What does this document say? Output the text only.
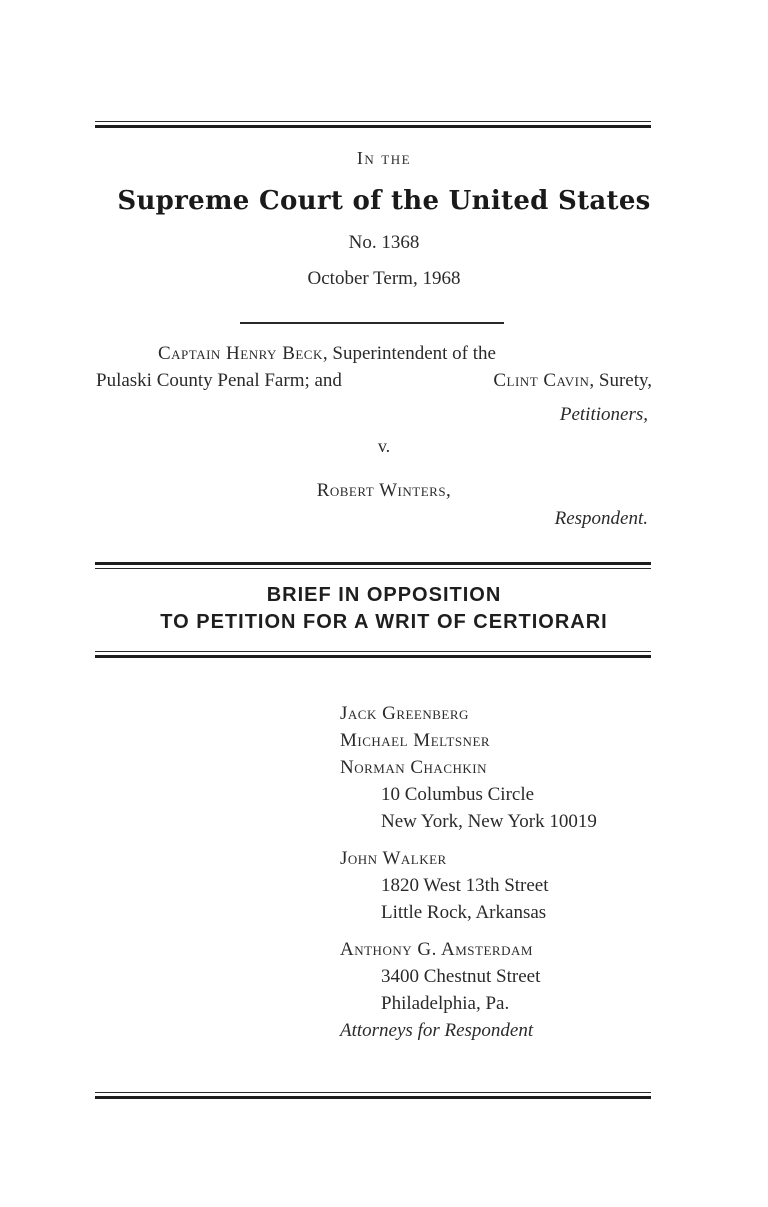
In the
Supreme Court of the United States
No. 1368
October Term, 1968
Captain Henry Beck, Superintendent of the
Pulaski County Penal Farm; and	Clint Cavin, Surety,
Petitioners,
v.
Robert Winters,
Respondent.
BRIEF IN OPPOSITION
TO PETITION FOR A WRIT OF CERTIORARI
Jack Greenberg
Michael Meltsner
Norman Chachkin
10 Columbus Circle
New York, New York 10019
John Walker
1820 West 13th Street
Little Rock, Arkansas
Anthony G. Amsterdam
3400 Chestnut Street
Philadelphia, Pa.
Attorneys for Respondent
